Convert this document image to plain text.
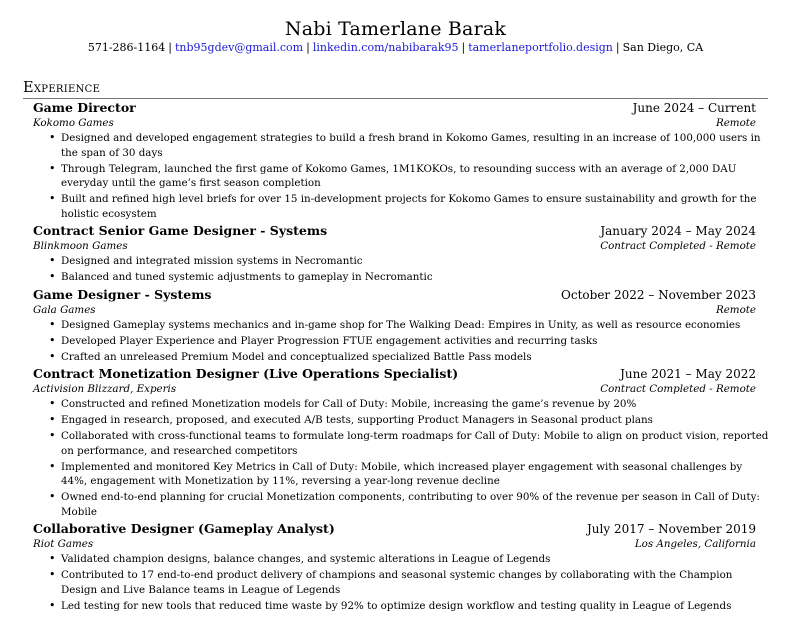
Nabi Tamerlane Barak
571-286-1164 | tnb95gdev@gmail.com | linkedin.com/nabibarak95 | tamerlaneportfolio.design | San Diego, CA
Experience
Game Director	June 2024 – Current
Kokomo Games	Remote
• Designed and developed engagement strategies to build a fresh brand in Kokomo Games, resulting in an increase of 100,000 users in the span of 30 days
• Through Telegram, launched the first game of Kokomo Games, 1M1KOKOs, to resounding success with an average of 2,000 DAU everyday until the game’s first season completion
• Built and refined high level briefs for over 15 in-development projects for Kokomo Games to ensure sustainability and growth for the holistic ecosystem
Contract Senior Game Designer - Systems	January 2024 – May 2024
Blinkmoon Games	Contract Completed - Remote
• Designed and integrated mission systems in Necromantic
• Balanced and tuned systemic adjustments to gameplay in Necromantic
Game Designer - Systems	October 2022 – November 2023
Gala Games	Remote
• Designed Gameplay systems mechanics and in-game shop for The Walking Dead: Empires in Unity, as well as resource economies
• Developed Player Experience and Player Progression FTUE engagement activities and recurring tasks
• Crafted an unreleased Premium Model and conceptualized specialized Battle Pass models
Contract Monetization Designer (Live Operations Specialist)	June 2021 – May 2022
Activision Blizzard, Experis	Contract Completed - Remote
• Constructed and refined Monetization models for Call of Duty: Mobile, increasing the game’s revenue by 20%
• Engaged in research, proposed, and executed A/B tests, supporting Product Managers in Seasonal product plans
• Collaborated with cross-functional teams to formulate long-term roadmaps for Call of Duty: Mobile to align on product vision, reported on performance, and researched competitors
• Implemented and monitored Key Metrics in Call of Duty: Mobile, which increased player engagement with seasonal challenges by 44%, engagement with Monetization by 11%, reversing a year-long revenue decline
• Owned end-to-end planning for crucial Monetization components, contributing to over 90% of the revenue per season in Call of Duty: Mobile
Collaborative Designer (Gameplay Analyst)	July 2017 – November 2019
Riot Games	Los Angeles, California
• Validated champion designs, balance changes, and systemic alterations in League of Legends
• Contributed to 17 end-to-end product delivery of champions and seasonal systemic changes by collaborating with the Champion Design and Live Balance teams in League of Legends
• Led testing for new tools that reduced time waste by 92% to optimize design workflow and testing quality in League of Legends
